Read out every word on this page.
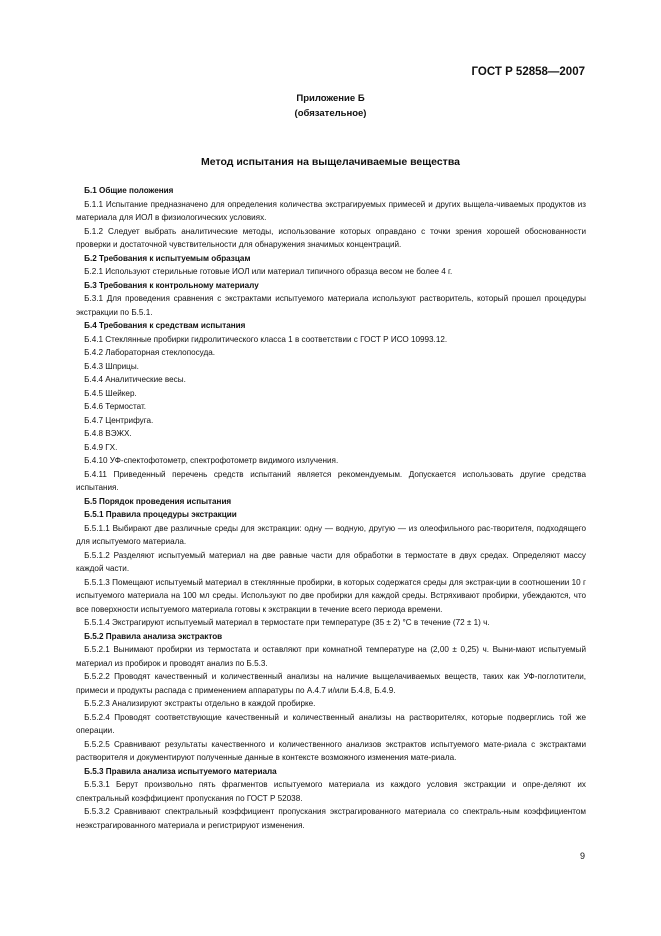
ГОСТ Р 52858—2007
Приложение Б
(обязательное)
Метод испытания на выщелачиваемые вещества

Б.1 Общие положения

Б.1.1 Испытание предназначено для определения количества экстрагируемых примесей и других выщела-чиваемых продуктов из материала для ИОЛ в физиологических условиях.

Б.1.2 Следует выбрать аналитические методы, использование которых оправдано с точки зрения хорошей обоснованности проверки и достаточной чувствительности для обнаружения значимых концентраций.

Б.2 Требования к испытуемым образцам

Б.2.1 Используют стерильные готовые ИОЛ или материал типичного образца весом не более 4 г.

Б.3 Требования к контрольному материалу

Б.3.1 Для проведения сравнения с экстрактами испытуемого материала используют растворитель, который прошел процедуры экстракции по Б.5.1.

Б.4 Требования к средствам испытания

Б.4.1 Стеклянные пробирки гидролитического класса 1 в соответствии с ГОСТ Р ИСО 10993.12.

Б.4.2 Лабораторная стеклопосуда.

Б.4.3 Шприцы.

Б.4.4 Аналитические весы.

Б.4.5 Шейкер.

Б.4.6 Термостат.

Б.4.7 Центрифуга.

Б.4.8 ВЭЖХ.

Б.4.9 ГХ.

Б.4.10 УФ-спектофотометр, спектрофотометр видимого излучения.

Б.4.11 Приведенный перечень средств испытаний является рекомендуемым. Допускается использовать другие средства испытания.

Б.5 Порядок проведения испытания

Б.5.1 Правила процедуры экстракции

Б.5.1.1 Выбирают две различные среды для экстракции: одну — водную, другую — из олеофильного рас-творителя, подходящего для испытуемого материала.

Б.5.1.2 Разделяют испытуемый материал на две равные части для обработки в термостате в двух средах. Определяют массу каждой части.

Б.5.1.3 Помещают испытуемый материал в стеклянные пробирки, в которых содержатся среды для экстрак-ции в соотношении 10 г испытуемого материала на 100 мл среды. Используют по две пробирки для каждой среды. Встряхивают пробирки, убеждаются, что все поверхности испытуемого материала готовы к экстракции в течение всего периода времени.

Б.5.1.4 Экстрагируют испытуемый материал в термостате при температуре (35 ± 2) °C в течение (72 ± 1) ч.

Б.5.2 Правила анализа экстрактов

Б.5.2.1 Вынимают пробирки из термостата и оставляют при комнатной температуре на (2,00 ± 0,25) ч. Выни-мают испытуемый материал из пробирок и проводят анализ по Б.5.3.

Б.5.2.2 Проводят качественный и количественный анализы на наличие выщелачиваемых веществ, таких как УФ-поглотители, примеси и продукты распада с применением аппаратуры по А.4.7 и/или Б.4.8, Б.4.9.

Б.5.2.3 Анализируют экстракты отдельно в каждой пробирке.

Б.5.2.4 Проводят соответствующие качественный и количественный анализы на растворителях, которые подверглись той же операции.

Б.5.2.5 Сравнивают результаты качественного и количественного анализов экстрактов испытуемого мате-риала с экстрактами растворителя и документируют полученные данные в контексте возможного изменения мате-риала.

Б.5.3 Правила анализа испытуемого материала

Б.5.3.1 Берут произвольно пять фрагментов испытуемого материала из каждого условия экстракции и опре-деляют их спектральный коэффициент пропускания по ГОСТ Р 52038.

Б.5.3.2 Сравнивают спектральный коэффициент пропускания экстрагированного материала со спектраль-ным коэффициентом неэкстрагированного материала и регистрируют изменения.

9
